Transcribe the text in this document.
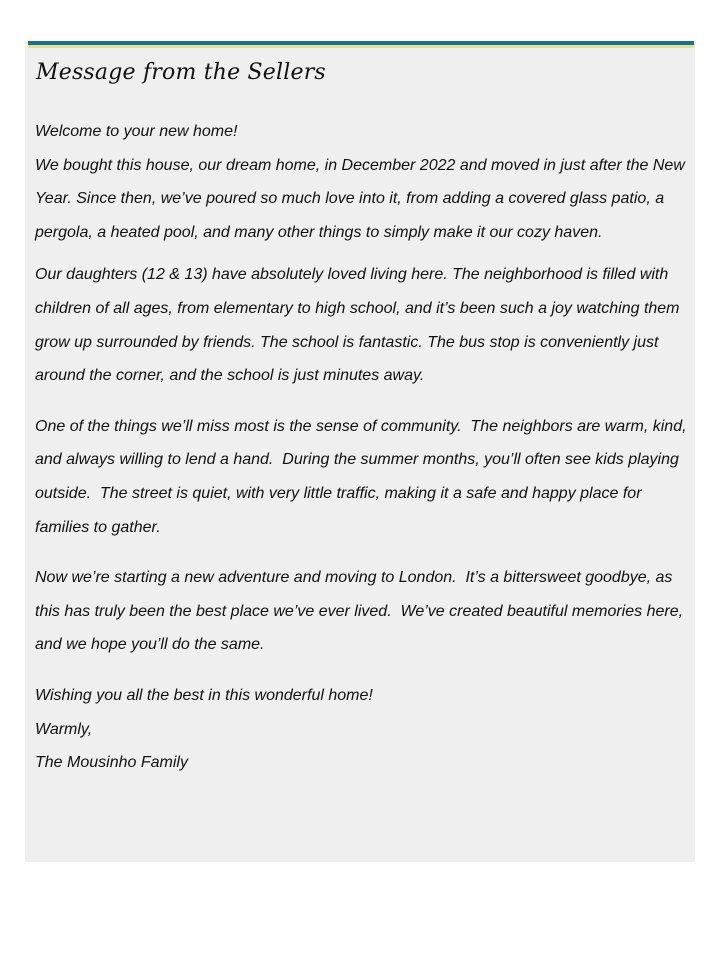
Message from the Sellers

Welcome to your new home!

We bought this house, our dream home, in December 2022 and moved in just after the New Year. Since then, we’ve poured so much love into it, from adding a covered glass patio, a pergola, a heated pool, and many other things to simply make it our cozy haven.

Our daughters (12 & 13) have absolutely loved living here. The neighborhood is filled with children of all ages, from elementary to high school, and it’s been such a joy watching them grow up surrounded by friends. The school is fantastic. The bus stop is conveniently just around the corner, and the school is just minutes away.

One of the things we’ll miss most is the sense of community.  The neighbors are warm, kind, and always willing to lend a hand.  During the summer months, you’ll often see kids playing outside.  The street is quiet, with very little traffic, making it a safe and happy place for families to gather.

Now we’re starting a new adventure and moving to London.  It’s a bittersweet goodbye, as this has truly been the best place we’ve ever lived.  We’ve created beautiful memories here, and we hope you’ll do the same.

Wishing you all the best in this wonderful home!

Warmly,

The Mousinho Family
